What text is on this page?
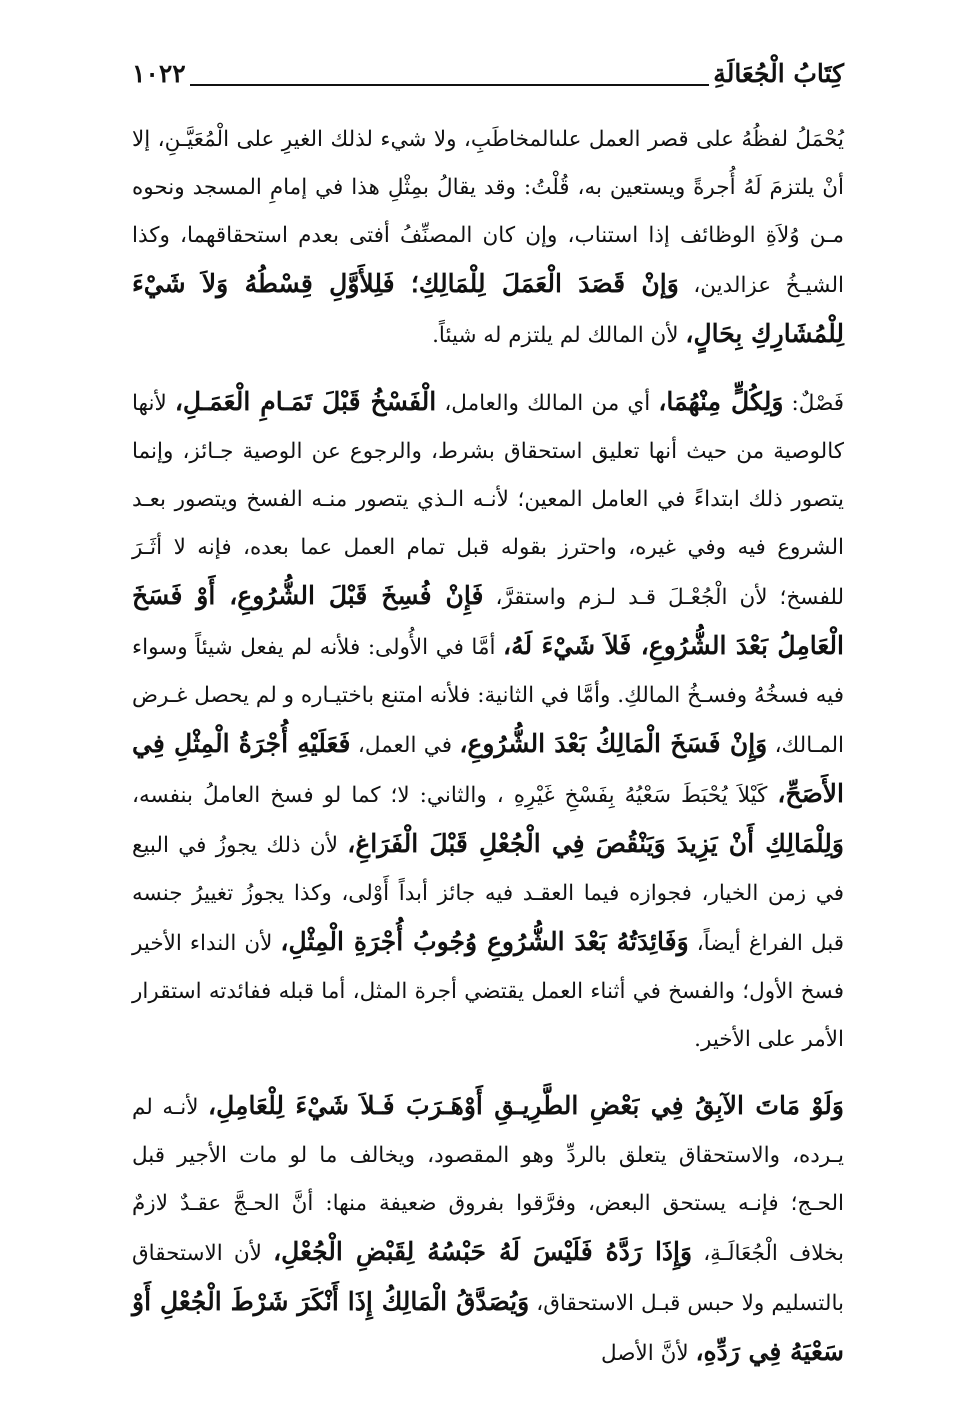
كِتَابُ الْجُعَالَةِ
١٠٢٢

يُحْمَلُ لفظُهُ على قصر العمل علىالمخاطَبِ، ولا شيء لذلك الغيرِ على الْمُعَيَّـنِ، إلا أنْ يلتزمَ لَهُ أُجرةً ويستعين به، قُلْتُ: وقد يقالُ بمِثْلِ هذا في إمامِ المسجد ونحوه مـن وُلاَةِ الوظائف إذا استناب، وإن كان المصنِّفُ أفتى بعدم استحقاقهما، وكذا الشيـخُ عزالدين، وَإنْ قَصَدَ الْعَمَلَ لِلْمَالِكِ؛ فَلِلأَوَّلِ قِسْطُهُ وَلاَ شَيْءَ لِلْمُشَارِكِ بِحَالٍ، لأن المالك لم يلتزم له شيئاً.

فَصْلٌ: وَلِكُلٍّ مِنْهُمَا، أي من المالك والعامل، الْفَسْخُ قَبْلَ تَمَـامِ الْعَمَـلِ، لأنها كالوصية من حيث أنها تعليق استحقاق بشرط، والرجوع عن الوصية جـائز، وإنما يتصور ذلك ابتداءً في العامل المعين؛ لأنـه الـذي يتصور منـه الفسخ ويتصور بعـد الشروع فيه وفي غيره، واحترز بقوله قبل تمام العمل عما بعده، فإنه لا أثَـرَ للفسخ؛ لأن الْجُعْـلَ قـد لـزم واستقرَّ، فَإِنْ فُسِخَ قَبْلَ الشُّرُوعِ، أَوْ فَسَخَ الْعَامِلُ بَعْدَ الشُّرُوعِ، فَلاَ شَيْءَ لَهُ، أمَّا في الأُولى: فلأنه لم يفعل شيئاً وسواء فيه فسخُهُ وفسـخُ المالكِ. وأمَّا في الثانية: فلأنه امتنع باختيـاره و لم يحصل غـرض المـالك، وَإِنْ فَسَخَ الْمَالِكُ بَعْدَ الشُّرُوعِ، في العمل، فَعَلَيْهِ أُجْرَةُ الْمِثْلِ فِي الأَصَحِّ، كَيْلاَ يُحْبَطَ سَعْيُهُ بِفَسْخِ غَيْرِهِ ، والثاني: لا؛ كما لو فسخ العاملُ بنفسه، وَلِلْمَالِكِ أَنْ يَزِيدَ وَيَنْقُصَ فِي الْجُعْلِ قَبْلَ الْفَرَاغِ، لأن ذلك يجوزُ في البيع في زمن الخيار، فجوازه فيما العقـد فيه جائز أبداً أَوْلى، وكذا يجوزُ تغييرُ جنسه قبل الفراغ أيضاً، وَفَائِدَتُهُ بَعْدَ الشُّرُوعِ وُجُوبُ أُجْرَةِ الْمِثْلِ، لأن النداء الأخير فسخ الأول؛ والفسخ في أثناء العمل يقتضي أجرة المثل، أما قبله ففائدته استقرار الأمر على الأخير.

وَلَوْ مَاتَ الآبِقُ فِي بَعْضِ الطَّرِيـقِ أَوْهَـرَبَ فَـلاَ شَيْءَ لِلْعَامِلِ، لأنـه لم يـرده، والاستحقاق يتعلق بالردِّ وهو المقصود، ويخالف ما لو مات الأجير قبل الحـج؛ فإنـه يستحق البعض، وفرَّقوا بفروق ضعيفة منها: أنَّ الحـجَّ عقـدٌ لازمٌ بخلاف الْجُعَالَـةِ، وَإِذَا رَدَّهُ فَلَيْسَ لَهُ حَبْسُهُ لِقَبْضِ الْجُعْلِ، لأن الاستحقاق بالتسليم ولا حبس قبـل الاستحقاق، وَيُصَدَّقُ الْمَالِكُ إِذَا أَنْكَرَ شَرْطَ الْجُعْلِ أَوْ سَعْيَهُ فِي رَدِّهِ، لأنَّ الأصل
